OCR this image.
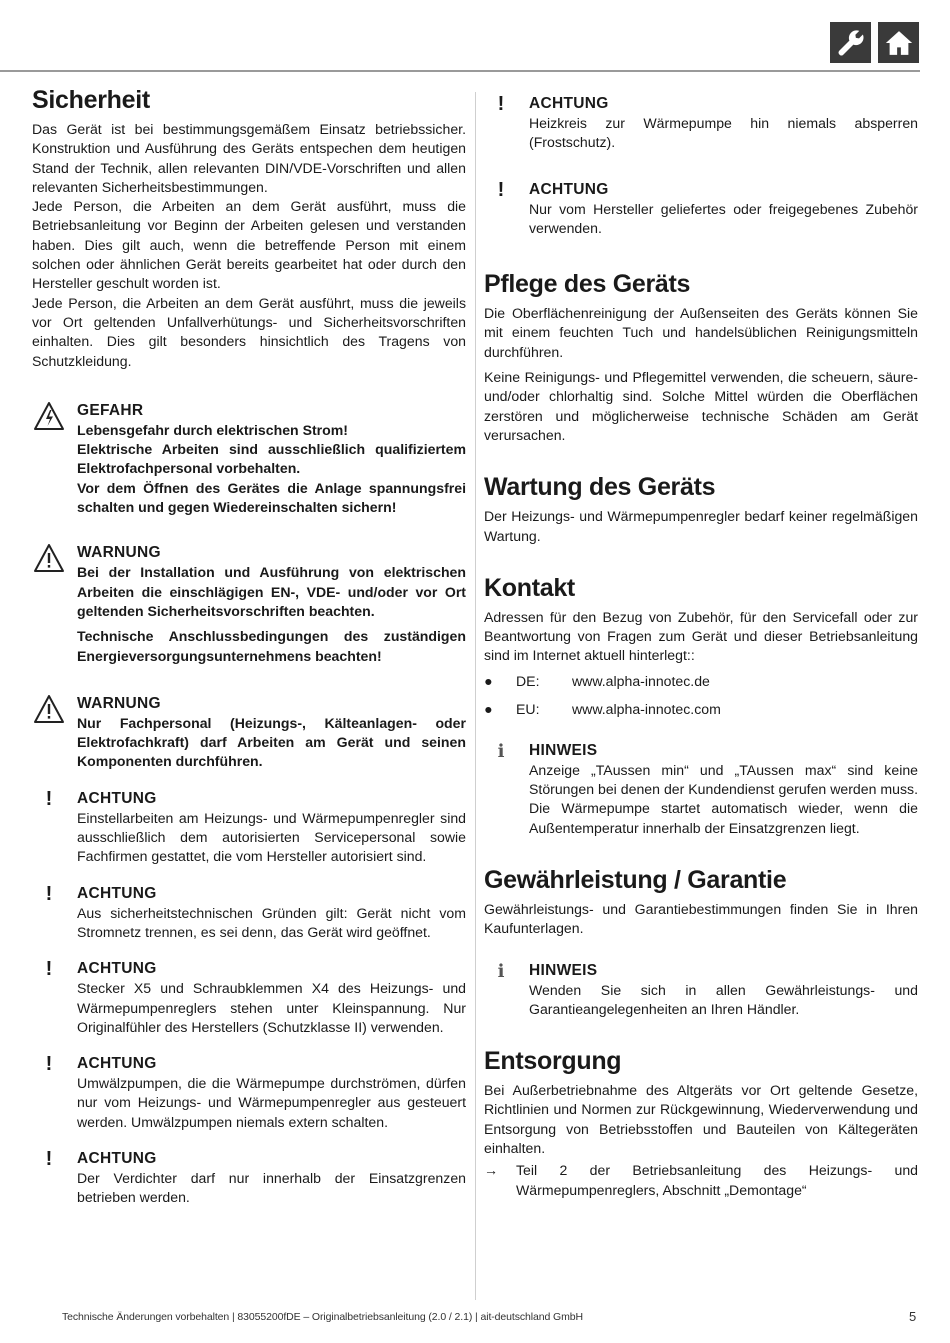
Sicherheit

Das Gerät ist bei bestimmungsgemäßem Einsatz betriebssicher. Konstruktion und Ausführung des Geräts entspechen dem heutigen Stand der Technik, allen relevanten DIN/VDE-Vorschriften und allen relevanten Sicherheitsbestimmungen.

Jede Person, die Arbeiten an dem Gerät ausführt, muss die Betriebsanleitung vor Beginn der Arbeiten gelesen und verstanden haben. Dies gilt auch, wenn die betreffende Person mit einem solchen oder ähnlichen Gerät bereits gearbeitet hat oder durch den Hersteller geschult worden ist.

Jede Person, die Arbeiten an dem Gerät ausführt, muss die jeweils vor Ort geltenden Unfallverhütungs- und Sicherheitsvorschriften einhalten. Dies gilt besonders hinsichtlich des Tragens von Schutzkleidung.

GEFAHR

Lebensgefahr durch elektrischen Strom!

Elektrische Arbeiten sind ausschließlich qualifiziertem Elektrofachpersonal vorbehalten.

Vor dem Öffnen des Gerätes die Anlage spannungsfrei schalten und gegen Wiedereinschalten sichern!

WARNUNG

Bei der Installation und Ausführung von elektrischen Arbeiten die einschlägigen EN-, VDE- und/oder vor Ort geltenden Sicherheitsvorschriften beachten.

Technische Anschlussbedingungen des zuständigen Energieversorgungsunternehmens beachten!

WARNUNG

Nur Fachpersonal (Heizungs-, Kälteanlagen- oder Elektrofachkraft) darf Arbeiten am Gerät und seinen Komponenten durchführen.

!	ACHTUNG

Einstellarbeiten am Heizungs- und Wärmepumpenregler sind ausschließlich dem autorisierten Servicepersonal sowie Fachfirmen gestattet, die vom Hersteller autorisiert sind.

!	ACHTUNG

Aus sicherheitstechnischen Gründen gilt: Gerät nicht vom Stromnetz trennen, es sei denn, das Gerät wird geöffnet.

!	ACHTUNG

Stecker X5 und Schraubklemmen X4 des Heizungs- und Wärmepumpenreglers stehen unter Kleinspannung. Nur Originalfühler des Herstellers (Schutzklasse II) verwenden.

!	ACHTUNG

Umwälzpumpen, die die Wärmepumpe durchströmen, dürfen nur vom Heizungs- und Wärmepumpenregler aus gesteuert werden. Umwälzpumpen niemals extern schalten.

!	ACHTUNG

Der Verdichter darf nur innerhalb der Einsatzgrenzen betrieben werden.

!	ACHTUNG

Heizkreis zur Wärmepumpe hin niemals absperren (Frostschutz).

!	ACHTUNG

Nur vom Hersteller geliefertes oder freigegebenes Zubehör verwenden.

Pflege des Geräts

Die Oberflächenreinigung der Außenseiten des Geräts können Sie mit einem feuchten Tuch und handelsüblichen Reinigungsmitteln durchführen.

Keine Reinigungs- und Pflegemittel verwenden, die scheuern, säure- und/oder chlorhaltig sind. Solche Mittel würden die Oberflächen zerstören und möglicherweise technische Schäden am Gerät verursachen.

Wartung des Geräts

Der Heizungs- und Wärmepumpenregler bedarf keiner regelmäßigen Wartung.

Kontakt

Adressen für den Bezug von Zubehör, für den Servicefall oder zur Beantwortung von Fragen zum Gerät und dieser Betriebsanleitung sind im Internet aktuell hinterlegt::

●	DE:	www.alpha-innotec.de
●	EU:	www.alpha-innotec.com
ℹ	HINWEIS

Anzeige „TAussen min“ und „TAussen max“ sind keine Störungen bei denen der Kundendienst gerufen werden muss. Die Wärmepumpe startet automatisch wieder, wenn die Außentemperatur innerhalb der Einsatzgrenzen liegt.

Gewährleistung / Garantie

Gewährleistungs- und Garantiebestimmungen finden Sie in Ihren Kaufunterlagen.

ℹ	HINWEIS

Wenden Sie sich in allen Gewährleistungs- und Garantieangelegenheiten an Ihren Händler.

Entsorgung

Bei Außerbetriebnahme des Altgeräts vor Ort geltende Gesetze, Richtlinien und Normen zur Rückgewinnung, Wiederverwendung und Entsorgung von Betriebsstoffen und Bauteilen von Kältegeräten einhalten.

→	Teil 2 der Betriebsanleitung des Heizungs- und Wärmepumpenreglers, Abschnitt „Demontage“
Technische Änderungen vorbehalten | 83055200fDE – Originalbetriebsanleitung (2.0 / 2.1) | ait-deutschland GmbH	5
